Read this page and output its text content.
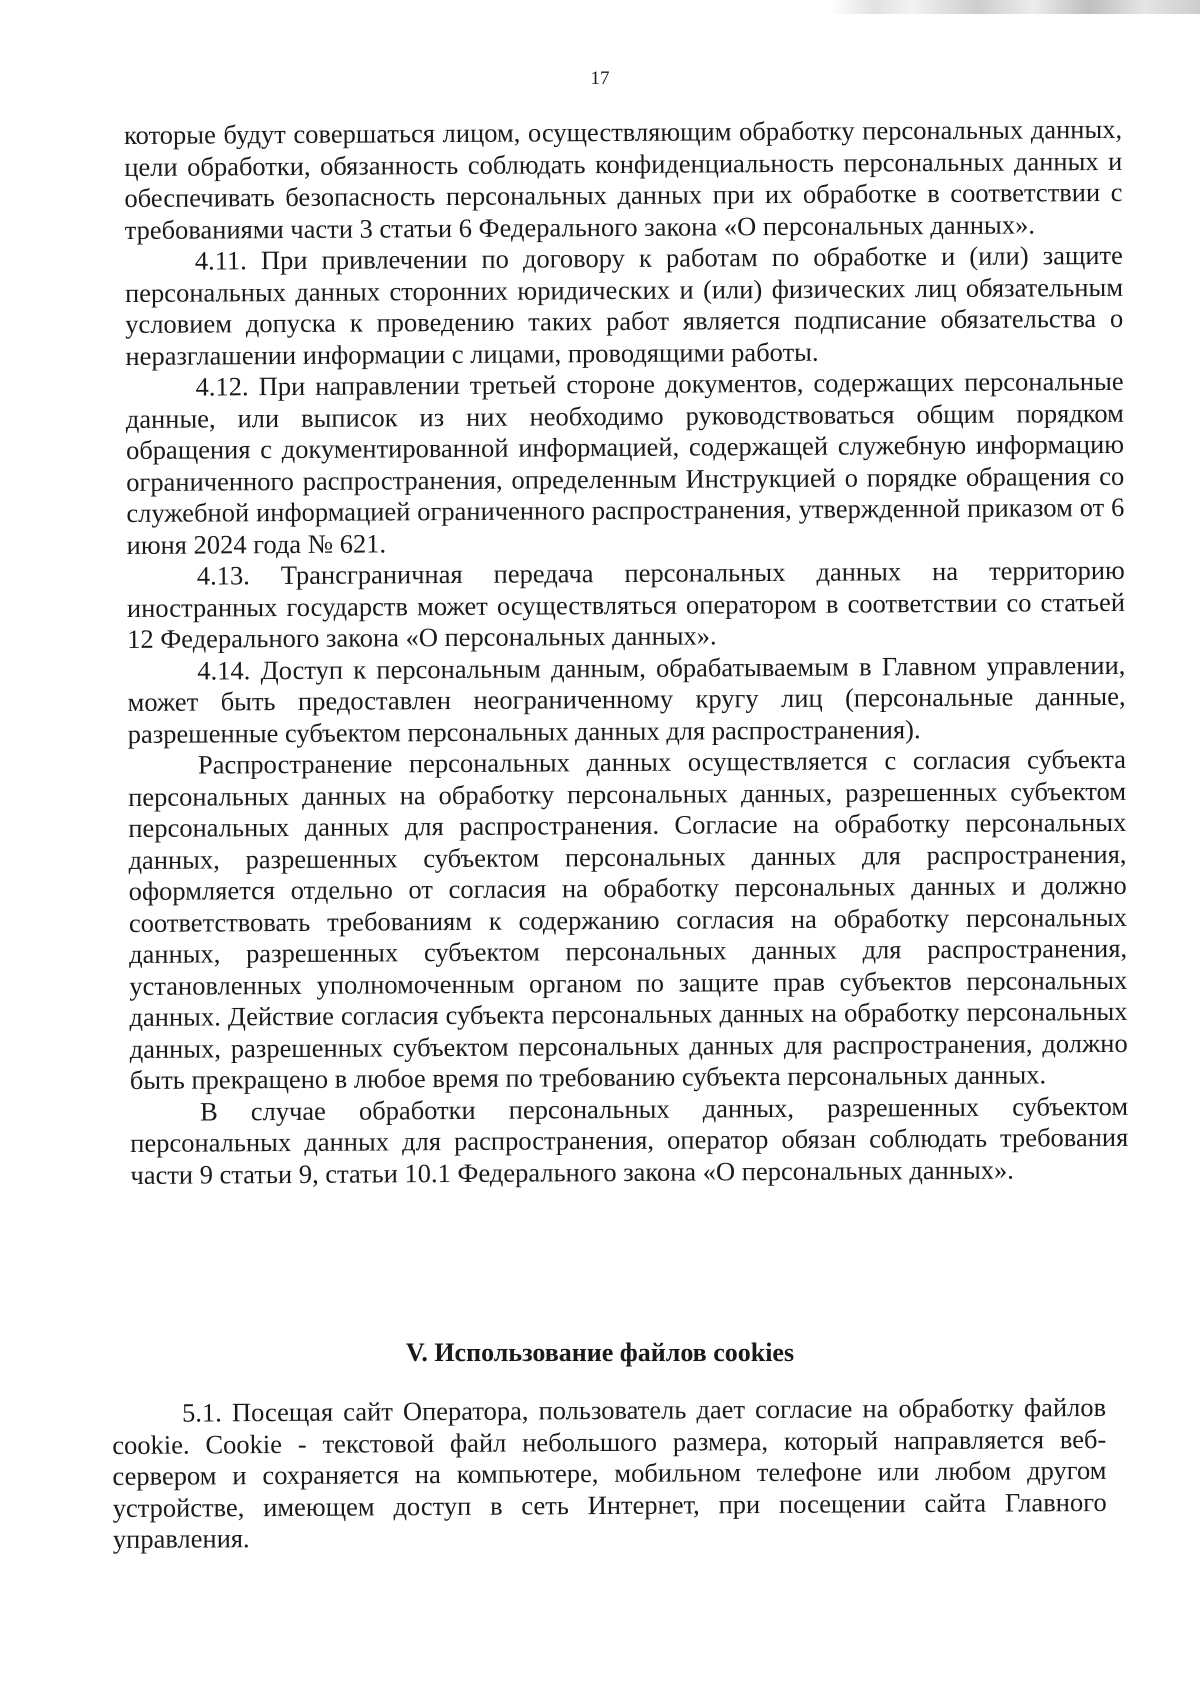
17

которые будут совершаться лицом, осуществляющим обработку персональных данных, цели обработки, обязанность соблюдать конфиденциальность персональных данных и обеспечивать безопасность персональных данных при их обработке в соответствии с требованиями части 3 статьи 6 Федерального закона «О персональных данных».

4.11. При привлечении по договору к работам по обработке и (или) защите персональных данных сторонних юридических и (или) физических лиц обязательным условием допуска к проведению таких работ является подписание обязательства о неразглашении информации с лицами, проводящими работы.

4.12. При направлении третьей стороне документов, содержащих персональные данные, или выписок из них необходимо руководствоваться общим порядком обращения с документированной информацией, содержащей служебную информацию ограниченного распространения, определенным Инструкцией о порядке обращения со служебной информацией ограниченного распространения, утвержденной приказом от 6 июня 2024 года № 621.

4.13. Трансграничная передача персональных данных на территорию иностранных государств может осуществляться оператором в соответствии со статьей 12 Федерального закона «О персональных данных».

4.14. Доступ к персональным данным, обрабатываемым в Главном управлении, может быть предоставлен неограниченному кругу лиц (персональные данные, разрешенные субъектом персональных данных для распространения).

Распространение персональных данных осуществляется с согласия субъекта персональных данных на обработку персональных данных, разрешенных субъектом персональных данных для распространения. Согласие на обработку персональных данных, разрешенных субъектом персональных данных для распространения, оформляется отдельно от согласия на обработку персональных данных и должно соответствовать требованиям к содержанию согласия на обработку персональных данных, разрешенных субъектом персональных данных для распространения, установленных уполномоченным органом по защите прав субъектов персональных данных. Действие согласия субъекта персональных данных на обработку персональных данных, разрешенных субъектом персональных данных для распространения, должно быть прекращено в любое время по требованию субъекта персональных данных.

В случае обработки персональных данных, разрешенных субъектом персональных данных для распространения, оператор обязан соблюдать требования части 9 статьи 9, статьи 10.1 Федерального закона «О персональных данных».

V. Использование файлов cookies

5.1. Посещая сайт Оператора, пользователь дает согласие на обработку файлов cookie. Cookie - текстовой файл небольшого размера, который направляется веб-сервером и сохраняется на компьютере, мобильном телефоне или любом другом устройстве, имеющем доступ в сеть Интернет, при посещении сайта Главного управления.
